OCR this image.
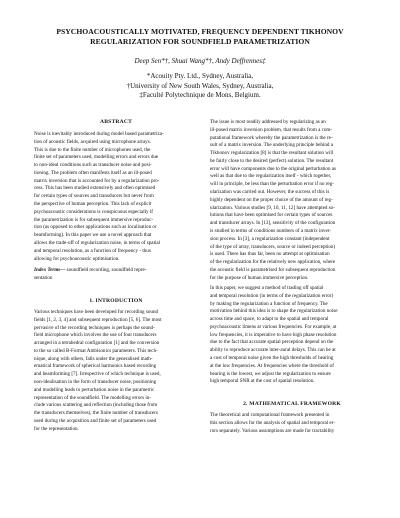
PSYCHOACOUSTICALLY MOTIVATED, FREQUENCY DEPENDENT TIKHONOV
REGULARIZATION FOR SOUNDFIELD PARAMETRIZATION
Deep Sen*†, Shuai Wang*†, Andy Deffrennes‡
*Acouity Pty. Ltd., Sydney, Australia,
†University of New South Wales, Sydney, Australia,
‡Faculté Polytechnique de Mons, Belgium.
ABSTRACT
Noise is inevitably introduced during model based parametriza-
tion of acoustic fields, acquired using microphone arrays.
This is due to the finite number of microphones used, the
finite set of parameters used, modelling errors and errors due
to non-ideal conditions such as transducer noise and posi-
tioning. The problem often manifests itself as an ill-posed
matrix inversion that is accounted for by a regularization pro-
cess. This has been studied extensively and often optimised
for certain types of sources and transducers but never from
the perspective of human perception. This lack of explicit
psychoacoustic considerations is conspicuous especially if
the parametrization is for subsequent immersive reproduc-
tion (as opposed to other applications such as localisation or
beamforming). In this paper we use a novel approach that
allows the trade-off of regularization noise, in terms of spatial
and temporal resolution, as a function of frequency - thus
allowing for psychoacoustic optimisation.
Index Terms— soundfield recording, soundfield repre-
sentation
1. INTRODUCTION
Various techniques have been developed for recording sound
fields [1, 2, 3, 4] and subsequent reproduction [5, 6]. The most
pervasive of the recording techniques is perhaps the sound-
field microphone which involves the use of four transducers
arranged in a tetrahedral configuration [1] and the conversion
to the so called B-Format Ambisonics parameters. This tech-
nique, along with others, falls under the generalised math-
ematical framework of spherical harmonics based recording
and beamforming [7]. Irrespective of which technique is used,
non-idealisation in the form of transducer noise, positioning
and modelling leads to perturbation noise in the parametric
representation of the soundfield. The modelling errors in-
clude various scattering and reflection (including those from
the transducers themselves), the finite number of transducers
used during the acquisition and finite set of parameters used
for the representation.
The issue is most readily addressed by regularizing as an
ill-posed matrix inversion problem, that results from a com-
putational framework whereby the parametrization is the re-
sult of a matrix inversion. The underlying principle behind a
Tikhonov regularization [8] is that the resultant solution will
be fairly close to the desired (perfect) solution. The resultant
error will have components due to the original perturbation as
well as that due to the regularization itself - which together,
will in principle, be less than the perturbation error if no reg-
ularization was carried out. However, the success of this is
highly dependent on the proper choice of the amount of reg-
ularization. Various studies [9, 10, 11, 12] have attempted so-
lutions that have been optimised for certain types of sources
and transducer arrays. In [13], sensitivity of the configuration
is studied in terms of conditions numbers of a matrix inver-
sion process. In [3], a regularization constant (independent
of the type of array, transducers, source or indeed perception)
is used. There has thus far, been no attempt at optimisation
of the regularization for the relatively new application, where
the acoustic field is parametrised for subsequent reproduction
for the purpose of human immersive perception.
In this paper, we suggest a method of trading off spatial
and temporal resolution (in terms of the regularization error)
by making the regularization a function of frequency. The
motivation behind this idea is to shape the regularization noise
across time and space, to adapt to the spatial and temporal
psychoacoustic limens at various frequencies. For example, at
low frequencies, it is imperative to have high phase resolution
due to the fact that accurate spatial perception depend on the
ability to reproduce accurate inter-aural delays. This can be at
a cost of temporal noise given the high thresholds of hearing
at the low frequencies. At frequencies where the threshold of
hearing is the lowest, we adjust the regularization to ensure
high temporal SNR at the cost of spatial resolution.
2. MATHEMATICAL FRAMEWORK
The theoretical and computational framework presented in
this section allows for the analysis of spatial and temporal er-
rors separately. Various assumptions are made for tractability
